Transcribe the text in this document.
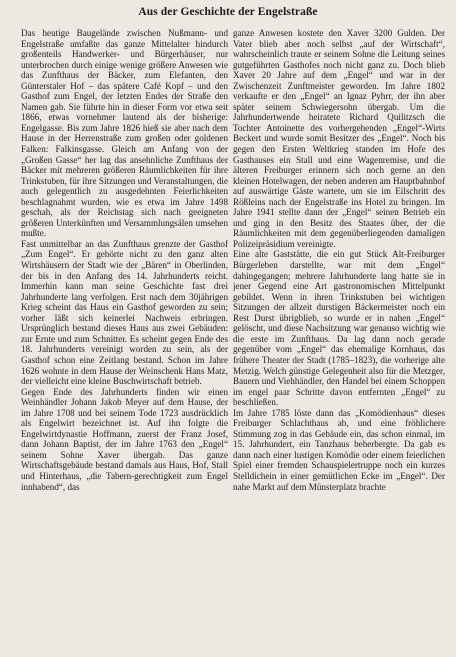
Aus der Geschichte der Engelstraße

Das heutige Baugelände zwischen Nußmann- und Engelstraße umfaßte das ganze Mittelalter hindurch großenteils Handwerker- und Bürgerhäuser, nur unterbrochen durch einige wenige größere Anwesen wie das Zunfthaus der Bäcker, zum Elefanten, den Günterstaler Hof – das spätere Café Kopf – und den Gasthof zum Engel, der letzten Endes der Straße den Namen gab. Sie führte hin in dieser Form vor etwa seit 1866, etwas vornehmer lautend als der bisherige: Engelgasse. Bis zum Jahre 1826 hieß sie aber nach dem Hause in der Herrenstraße zum großen oder goldenen Falken: Falkinsgasse. Gleich am Anfang von der „Großen Gasse“ her lag das ansehnliche Zunfthaus der Bäcker mit mehreren größeren Räumlichkeiten für ihre Trinkstuben, für ihre Sitzungen und Veranstaltungen, die auch gelegentlich zu ausgedehnten Feierlichkeiten beschlagnahmt wurden, wie es etwa im Jahre 1498 geschah, als der Reichstag sich nach geeigneten größeren Unterkünften und Versammlungsälen umsehen mußte.

Fast unmittelbar an das Zunfthaus grenzte der Gasthof „Zum Engel“. Er gehörte nicht zu den ganz alten Wirtshäusern der Stadt wie der „Bären“ in Oberlinden, der bis in den Anfang des 14. Jahrhunderts reicht. Immerhin kann man seine Geschichte fast drei Jahrhunderte lang verfolgen. Erst nach dem 30jährigen Krieg scheint das Haus ein Gasthof geworden zu sein; vorher läßt sich keinerlei Nachweis erbringen. Ursprünglich bestand dieses Haus aus zwei Gebäuden: zur Ernte und zum Schnitter. Es scheint gegen Ende des 18. Jahrhunderts vereinigt worden zu sein, als der Gasthof schon eine Zeitlang bestand. Schon im Jahre 1626 wohnte in dem Hause der Weinschenk Hans Matz, der vielleicht eine kleine Buschwirtschaft betrieb.

Gegen Ende des Jahrhunderts finden wir einen Weinhändler Johann Jakob Meyer auf dem Hause, der im Jahre 1708 und bei seinem Tode 1723 ausdrücklich als Engelwirt bezeichnet ist. Auf ihn folgte die Engelwirtdynastie Hoffmann, zuerst der Franz Josef, dann Johann Baptist, der im Jahre 1763 den „Engel“ seinem Sohne Xaver übergab. Das ganze Wirtschaftsgebäude bestand damals aus Haus, Hof, Stall und Hinterhaus, „die Tabern-gerechtigkeit zum Engel innhabend“, das

ganze Anwesen kostete den Xaver 3200 Gulden. Der Vater blieb aber noch selbst „auf der Wirtschaft“, wahrscheinlich traute er seinem Sohne die Leitung seines gutgeführten Gasthofes noch nicht ganz zu. Doch blieb Xaver 20 Jahre auf dem „Engel“ und war in der Zwischenzeit Zunftmeister geworden. Im Jahre 1802 verkaufte er den „Engel“ an Ignaz Pyhrr, der ihn aber später seinem Schwiegersohn übergab. Um die Jahrhundertwende heiratete Richard Quilitzsch die Tochter Antoinette des vorhergehenden „Engel“-Wirts Beckert und wurde somit Besitzer des „Engel“. Noch bis gegen den Ersten Weltkrieg standen im Hofe des Gasthauses ein Stall und eine Wagenremise, und die älteren Freiburger erinnern sich noch gerne an den kleinen Hotelwagen, der neben anderen am Hauptbahnhof auf auswärtige Gäste wartete, um sie im Eilschritt des Rößleins nach der Engelstraße ins Hotel zu bringen. Im Jahre 1941 stellte dann der „Engel“ seinen Betrieb ein und ging in den Besitz des Staates über, der die Räumlichkeiten mit dem gegenüberliegenden damaligen Polizeipräsidium vereinigte.

Eine alte Gaststätte, die ein gut Stück Alt-Freiburger Bürgerleben darstellte, war mit dem „Engel“ dahingegangen; mehrere Jahrhunderte lang hatte sie in jener Gegend eine Art gastronomischen Mittelpunkt gebildet. Wenn in ihren Trinkstuben bei wichtigen Sitzungen der allzeit durstigen Bäckermeister noch ein Rest Durst übrigblieb, so wurde er in nahen „Engel“ gelöscht, und diese Nachsitzung war genauso wichtig wie die erste im Zunfthaus. Da lag dann noch gerade gegenüber vom „Engel“ das ehemalige Kornhaus, das frühere Theater der Stadt (1785–1823), die vorherige alte Metzig. Welch günstige Gelegenheit also für die Metzger, Bauern und Viehhändler, den Handel bei einem Schoppen im engel paar Schritte davon entfernten „Engel“ zu beschließen.

Im Jahre 1785 löste dann das „Komödienhaus“ dieses Freiburger Schlachthaus ab, und eine fröhlichere Stimmung zog in das Gebäude ein, das schon einmal, im 15. Jahrhundert, ein Tanzhaus beherbergte. Da gab es dann nach einer lustigen Komödie oder einem feierlichen Spiel einer fremden Schauspielertruppe noch ein kurzes Stelldichein in einer gemütlichen Ecke im „Engel“. Der nahe Markt auf dem Münsterplatz brachte
